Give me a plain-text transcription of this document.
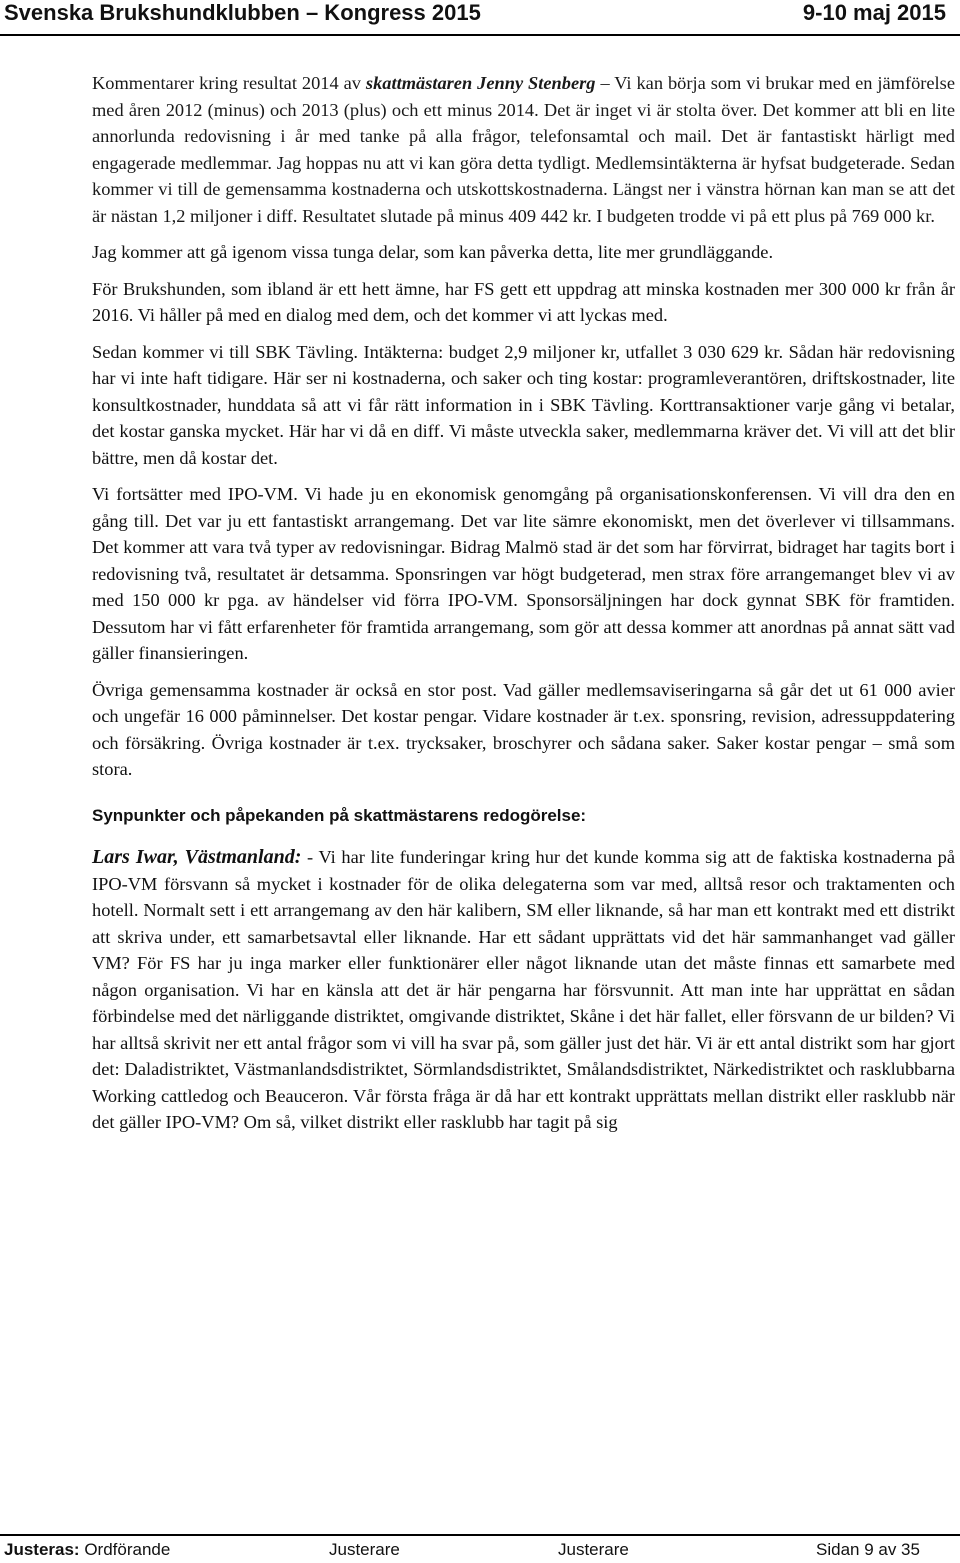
Svenska Brukshundklubben – Kongress 2015	9-10 maj 2015

Kommentarer kring resultat 2014 av skattmästaren Jenny Stenberg – Vi kan börja som vi brukar med en jämförelse med åren 2012 (minus) och 2013 (plus) och ett minus 2014. Det är inget vi är stolta över. Det kommer att bli en lite annorlunda redovisning i år med tanke på alla frågor, telefonsamtal och mail. Det är fantastiskt härligt med engagerade medlemmar. Jag hoppas nu att vi kan göra detta tydligt. Medlemsintäkterna är hyfsat budgeterade. Sedan kommer vi till de gemensamma kostnaderna och utskottskostnaderna. Längst ner i vänstra hörnan kan man se att det är nästan 1,2 miljoner i diff. Resultatet slutade på minus 409 442 kr. I budgeten trodde vi på ett plus på 769 000 kr.

Jag kommer att gå igenom vissa tunga delar, som kan påverka detta, lite mer grundläggande.

För Brukshunden, som ibland är ett hett ämne, har FS gett ett uppdrag att minska kostnaden mer 300 000 kr från år 2016. Vi håller på med en dialog med dem, och det kommer vi att lyckas med.

Sedan kommer vi till SBK Tävling. Intäkterna: budget 2,9 miljoner kr, utfallet 3 030 629 kr. Sådan här redovisning har vi inte haft tidigare. Här ser ni kostnaderna, och saker och ting kostar: programleverantören, driftskostnader, lite konsultkostnader, hunddata så att vi får rätt information in i SBK Tävling. Korttransaktioner varje gång vi betalar, det kostar ganska mycket. Här har vi då en diff. Vi måste utveckla saker, medlemmarna kräver det. Vi vill att det blir bättre, men då kostar det.

Vi fortsätter med IPO-VM. Vi hade ju en ekonomisk genomgång på organisationskonferensen. Vi vill dra den en gång till. Det var ju ett fantastiskt arrangemang. Det var lite sämre ekonomiskt, men det överlever vi tillsammans. Det kommer att vara två typer av redovisningar. Bidrag Malmö stad är det som har förvirrat, bidraget har tagits bort i redovisning två, resultatet är detsamma. Sponsringen var högt budgeterad, men strax före arrangemanget blev vi av med 150 000 kr pga. av händelser vid förra IPO-VM. Sponsorsäljningen har dock gynnat SBK för framtiden. Dessutom har vi fått erfarenheter för framtida arrangemang, som gör att dessa kommer att anordnas på annat sätt vad gäller finansieringen.

Övriga gemensamma kostnader är också en stor post. Vad gäller medlemsaviseringarna så går det ut 61 000 avier och ungefär 16 000 påminnelser. Det kostar pengar. Vidare kostnader är t.ex. sponsring, revision, adressuppdatering och försäkring. Övriga kostnader är t.ex. trycksaker, broschyrer och sådana saker. Saker kostar pengar – små som stora.

Synpunkter och påpekanden på skattmästarens redogörelse:

Lars Iwar, Västmanland: - Vi har lite funderingar kring hur det kunde komma sig att de faktiska kostnaderna på IPO-VM försvann så mycket i kostnader för de olika delegaterna som var med, alltså resor och traktamenten och hotell. Normalt sett i ett arrangemang av den här kalibern, SM eller liknande, så har man ett kontrakt med ett distrikt att skriva under, ett samarbetsavtal eller liknande. Har ett sådant upprättats vid det här sammanhanget vad gäller VM? För FS har ju inga marker eller funktionärer eller något liknande utan det måste finnas ett samarbete med någon organisation. Vi har en känsla att det är här pengarna har försvunnit. Att man inte har upprättat en sådan förbindelse med det närliggande distriktet, omgivande distriktet, Skåne i det här fallet, eller försvann de ur bilden? Vi har alltså skrivit ner ett antal frågor som vi vill ha svar på, som gäller just det här. Vi är ett antal distrikt som har gjort det: Daladistriktet, Västmanlandsdistriktet, Sörmlandsdistriktet, Smålandsdistriktet, Närkedistriktet och rasklubbarna Working cattledog och Beauceron. Vår första fråga är då har ett kontrakt upprättats mellan distrikt eller rasklubb när det gäller IPO-VM? Om så, vilket distrikt eller rasklubb har tagit på sig

Justeras: Ordförande	Justerare	Justerare	Sidan 9 av 35
